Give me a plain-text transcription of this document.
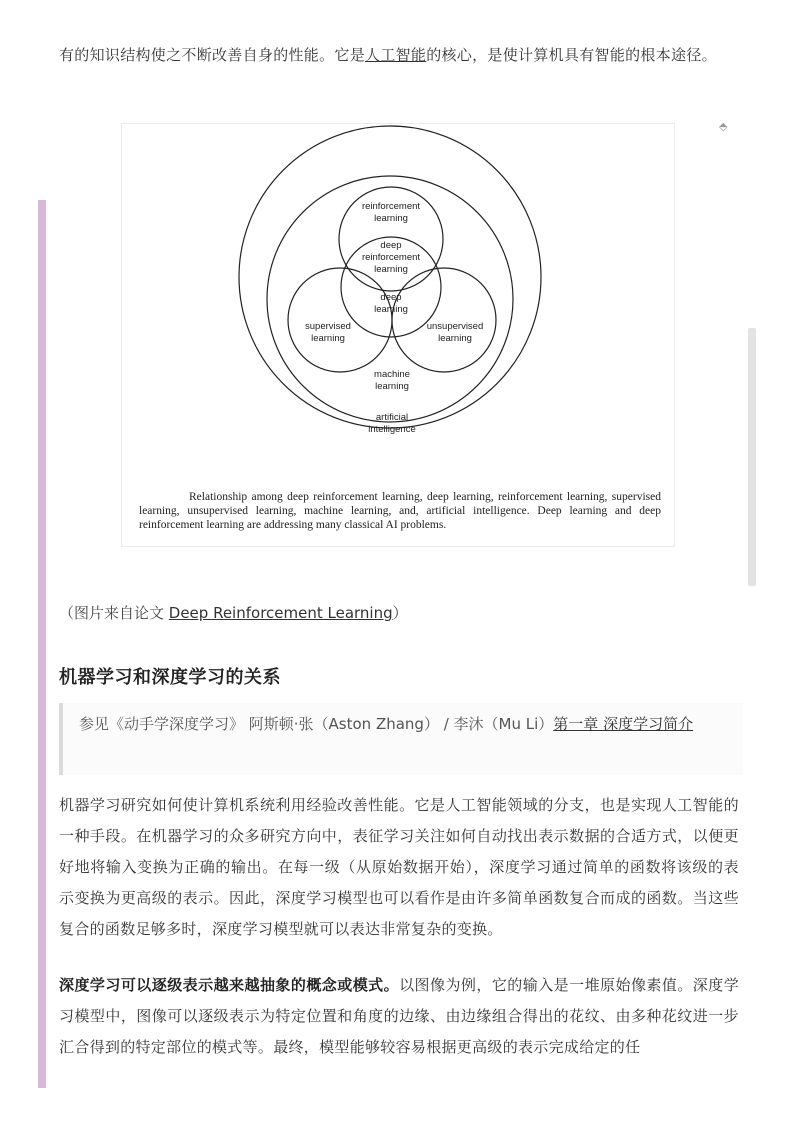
有的知识结构使之不断改善自身的性能。它是人工智能的核心，是使计算机具有智能的根本途径。

reinforcement
learning
deep
reinforcement
learning
deep
learning
supervised
learning
unsupervised
learning
machine
learning
artificial
intelligence
Relationship among deep reinforcement learning, deep learning, reinforcement learning, supervised learning, unsupervised learning, machine learning, and, artificial intelligence. Deep learning and deep reinforcement learning are addressing many classical AI problems.
⬘
（图片来自论文 Deep Reinforcement Learning）
机器学习和深度学习的关系

参见《动手学深度学习》 阿斯顿·张（Aston Zhang） / 李沐（Mu Li）第一章 深度学习简介

机器学习研究如何使计算机系统利用经验改善性能。它是人工智能领域的分支，也是实现人工智能的一种手段。在机器学习的众多研究方向中，表征学习关注如何自动找出表示数据的合适方式，以便更好地将输入变换为正确的输出。在每一级（从原始数据开始），深度学习通过简单的函数将该级的表示变换为更高级的表示。因此，深度学习模型也可以看作是由许多简单函数复合而成的函数。当这些复合的函数足够多时，深度学习模型就可以表达非常复杂的变换。

深度学习可以逐级表示越来越抽象的概念或模式。以图像为例，它的输入是一堆原始像素值。深度学习模型中，图像可以逐级表示为特定位置和角度的边缘、由边缘组合得出的花纹、由多种花纹进一步汇合得到的特定部位的模式等。最终，模型能够较容易根据更高级的表示完成给定的任
